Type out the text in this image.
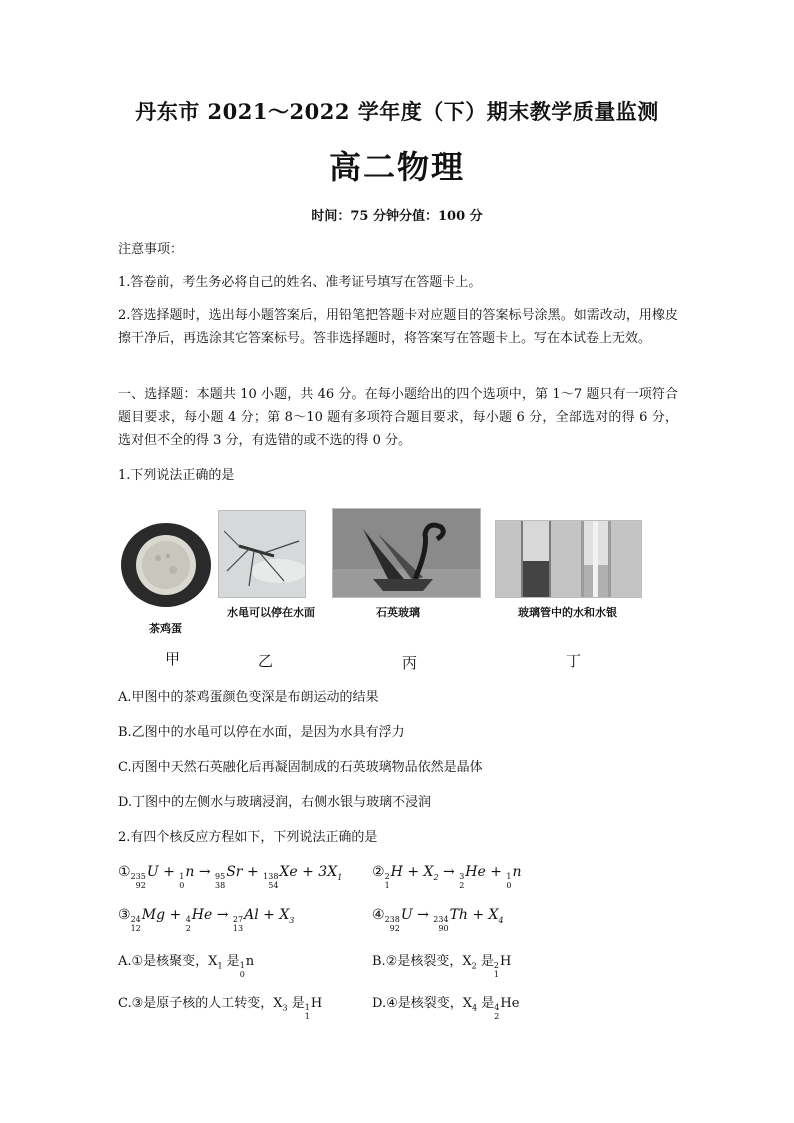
丹东市 2021～2022 学年度（下）期末教学质量监测
高二物理
时间：75 分钟分值：100 分
注意事项：
1.答卷前，考生务必将自己的姓名、准考证号填写在答题卡上。
2.答选择题时，选出每小题答案后，用铅笔把答题卡对应题目的答案标号涂黑。如需改动，用橡皮擦干净后，再选涂其它答案标号。答非选择题时，将答案写在答题卡上。写在本试卷上无效。
一、选择题：本题共 10 小题，共 46 分。在每小题给出的四个选项中，第 1～7 题只有一项符合题目要求，每小题 4 分；第 8～10 题有多项符合题目要求，每小题 6 分，全部选对的得 6 分，选对但不全的得 3 分，有选错的或不选的得 0 分。
1.下列说法正确的是
茶鸡蛋
水黾可以停在水面	石英玻璃	玻璃管中的水和水银
甲	乙	丙	丁
A.甲图中的茶鸡蛋颜色变深是布朗运动的结果
B.乙图中的水黾可以停在水面，是因为水具有浮力
C.丙图中天然石英融化后再凝固制成的石英玻璃物品依然是晶体
D.丁图中的左侧水与玻璃浸润，右侧水银与玻璃不浸润
2.有四个核反应方程如下，下列说法正确的是
① 235
92
U + 1
0
n → 95
38
Sr + 138
54
$Xe + 3X_1$ ② 2
1
$H + X_2 \to 3$
2
He + 1
0
n
③ 24
12
Mg + 4
2
He → 27
13
$Al + X_3$	④ 238
92
U → 234
90
$Th + X_4$
A.①是核聚变，$X_1$ 是 1
0
n	B.②是核裂变，$X_2$ 是 2
1
H
C.③是原子核的人工转变，$X_3$ 是 1
1
H	D.④是核裂变，$X_4$ 是 4
2
He
